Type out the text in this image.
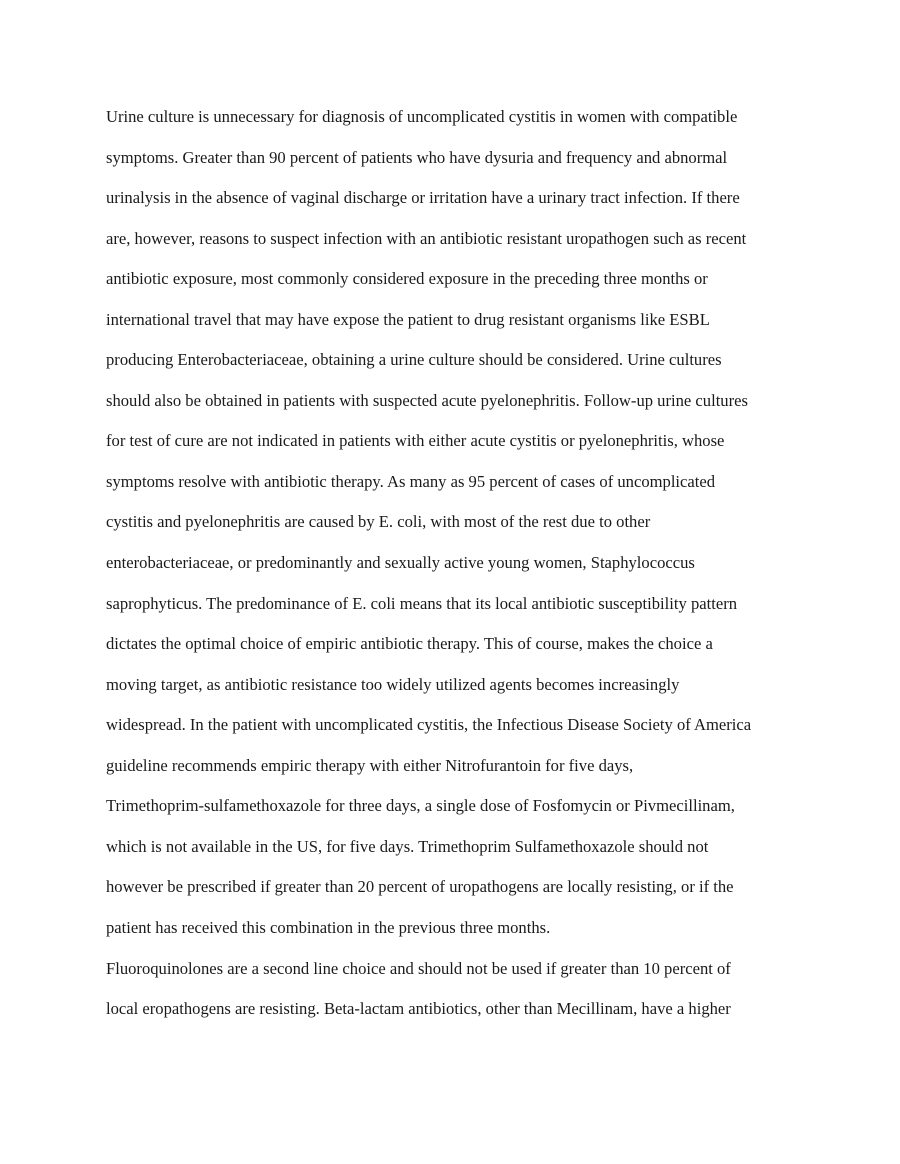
Urine culture is unnecessary for diagnosis of uncomplicated cystitis in women with compatible

symptoms. Greater than 90 percent of patients who have dysuria and frequency and abnormal

urinalysis in the absence of vaginal discharge or irritation have a urinary tract infection. If there

are, however, reasons to suspect infection with an antibiotic resistant uropathogen such as recent

antibiotic exposure, most commonly considered exposure in the preceding three months or

international travel that may have expose the patient to drug resistant organisms like ESBL

producing Enterobacteriaceae, obtaining a urine culture should be considered. Urine cultures

should also be obtained in patients with suspected acute pyelonephritis. Follow-up urine cultures

for test of cure are not indicated in patients with either acute cystitis or pyelonephritis, whose

symptoms resolve with antibiotic therapy. As many as 95 percent of cases of uncomplicated

cystitis and pyelonephritis are caused by E. coli, with most of the rest due to other

enterobacteriaceae, or predominantly and sexually active young women, Staphylococcus

saprophyticus. The predominance of E. coli means that its local antibiotic susceptibility pattern

dictates the optimal choice of empiric antibiotic therapy. This of course, makes the choice a

moving target, as antibiotic resistance too widely utilized agents becomes increasingly

widespread. In the patient with uncomplicated cystitis, the Infectious Disease Society of America

guideline recommends empiric therapy with either Nitrofurantoin for five days,

Trimethoprim-sulfamethoxazole for three days, a single dose of Fosfomycin or Pivmecillinam,

which is not available in the US, for five days. Trimethoprim Sulfamethoxazole should not

however be prescribed if greater than 20 percent of uropathogens are locally resisting, or if the

patient has received this combination in the previous three months.

Fluoroquinolones are a second line choice and should not be used if greater than 10 percent of

local eropathogens are resisting. Beta-lactam antibiotics, other than Mecillinam, have a higher
